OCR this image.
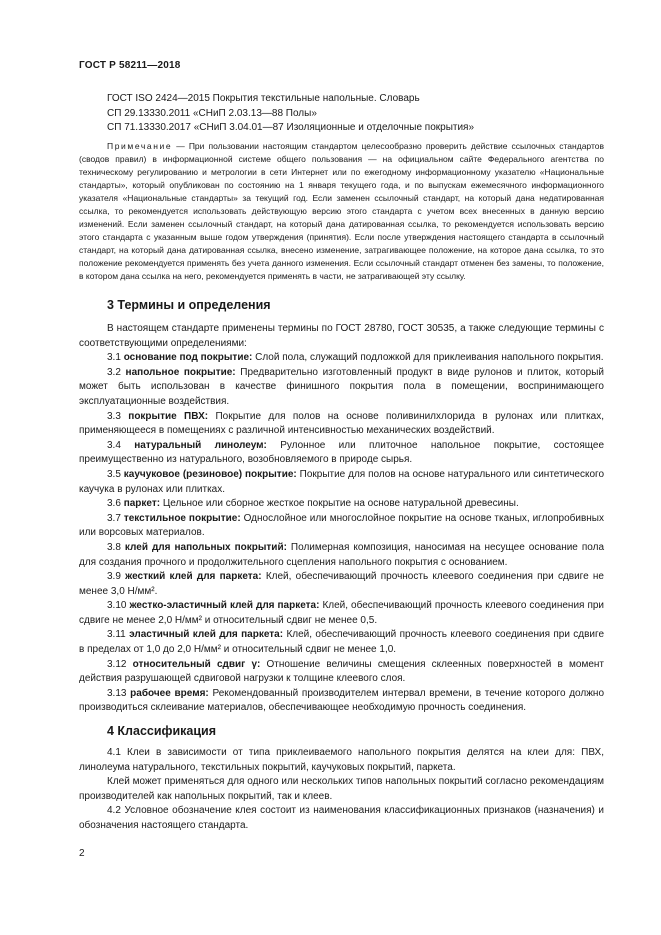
ГОСТ Р 58211—2018
ГОСТ ISO 2424—2015 Покрытия текстильные напольные. Словарь
СП 29.13330.2011 «СНиП 2.03.13—88 Полы»
СП 71.13330.2017 «СНиП 3.04.01—87 Изоляционные и отделочные покрытия»
Примечание — При пользовании настоящим стандартом целесообразно проверить действие ссылочных стандартов (сводов правил) в информационной системе общего пользования — на официальном сайте Федерального агентства по техническому регулированию и метрологии в сети Интернет или по ежегодному информационному указателю «Национальные стандарты», который опубликован по состоянию на 1 января текущего года, и по выпускам ежемесячного информационного указателя «Национальные стандарты» за текущий год. Если заменен ссылочный стандарт, на который дана недатированная ссылка, то рекомендуется использовать действующую версию этого стандарта с учетом всех внесенных в данную версию изменений. Если заменен ссылочный стандарт, на который дана датированная ссылка, то рекомендуется использовать версию этого стандарта с указанным выше годом утверждения (принятия). Если после утверждения настоящего стандарта в ссылочный стандарт, на который дана датированная ссылка, внесено изменение, затрагивающее положение, на которое дана ссылка, то это положение рекомендуется применять без учета данного изменения. Если ссылочный стандарт отменен без замены, то положение, в котором дана ссылка на него, рекомендуется применять в части, не затрагивающей эту ссылку.
3 Термины и определения

В настоящем стандарте применены термины по ГОСТ 28780, ГОСТ 30535, а также следующие термины с соответствующими определениями:

3.1 основание под покрытие: Слой пола, служащий подложкой для приклеивания напольного покрытия.

3.2 напольное покрытие: Предварительно изготовленный продукт в виде рулонов и плиток, который может быть использован в качестве финишного покрытия пола в помещении, воспринимающего эксплуатационные воздействия.

3.3 покрытие ПВХ: Покрытие для полов на основе поливинилхлорида в рулонах или плитках, применяющееся в помещениях с различной интенсивностью механических воздействий.

3.4 натуральный линолеум: Рулонное или плиточное напольное покрытие, состоящее преимущественно из натурального, возобновляемого в природе сырья.

3.5 каучуковое (резиновое) покрытие: Покрытие для полов на основе натурального или синтетического каучука в рулонах или плитках.

3.6 паркет: Цельное или сборное жесткое покрытие на основе натуральной древесины.

3.7 текстильное покрытие: Однослойное или многослойное покрытие на основе тканых, иглопробивных или ворсовых материалов.

3.8 клей для напольных покрытий: Полимерная композиция, наносимая на несущее основание пола для создания прочного и продолжительного сцепления напольного покрытия с основанием.

3.9 жесткий клей для паркета: Клей, обеспечивающий прочность клеевого соединения при сдвиге не менее 3,0 Н/мм².

3.10 жестко-эластичный клей для паркета: Клей, обеспечивающий прочность клеевого соединения при сдвиге не менее 2,0 Н/мм² и относительный сдвиг не менее 0,5.

3.11 эластичный клей для паркета: Клей, обеспечивающий прочность клеевого соединения при сдвиге в пределах от 1,0 до 2,0 Н/мм² и относительный сдвиг не менее 1,0.

3.12 относительный сдвиг γ: Отношение величины смещения склеенных поверхностей в момент действия разрушающей сдвиговой нагрузки к толщине клеевого слоя.

3.13 рабочее время: Рекомендованный производителем интервал времени, в течение которого должно производиться склеивание материалов, обеспечивающее необходимую прочность соединения.

4 Классификация

4.1 Клеи в зависимости от типа приклеиваемого напольного покрытия делятся на клеи для: ПВХ, линолеума натурального, текстильных покрытий, каучуковых покрытий, паркета.

Клей может применяться для одного или нескольких типов напольных покрытий согласно рекомендациям производителей как напольных покрытий, так и клеев.

4.2 Условное обозначение клея состоит из наименования классификационных признаков (назначения) и обозначения настоящего стандарта.

2
